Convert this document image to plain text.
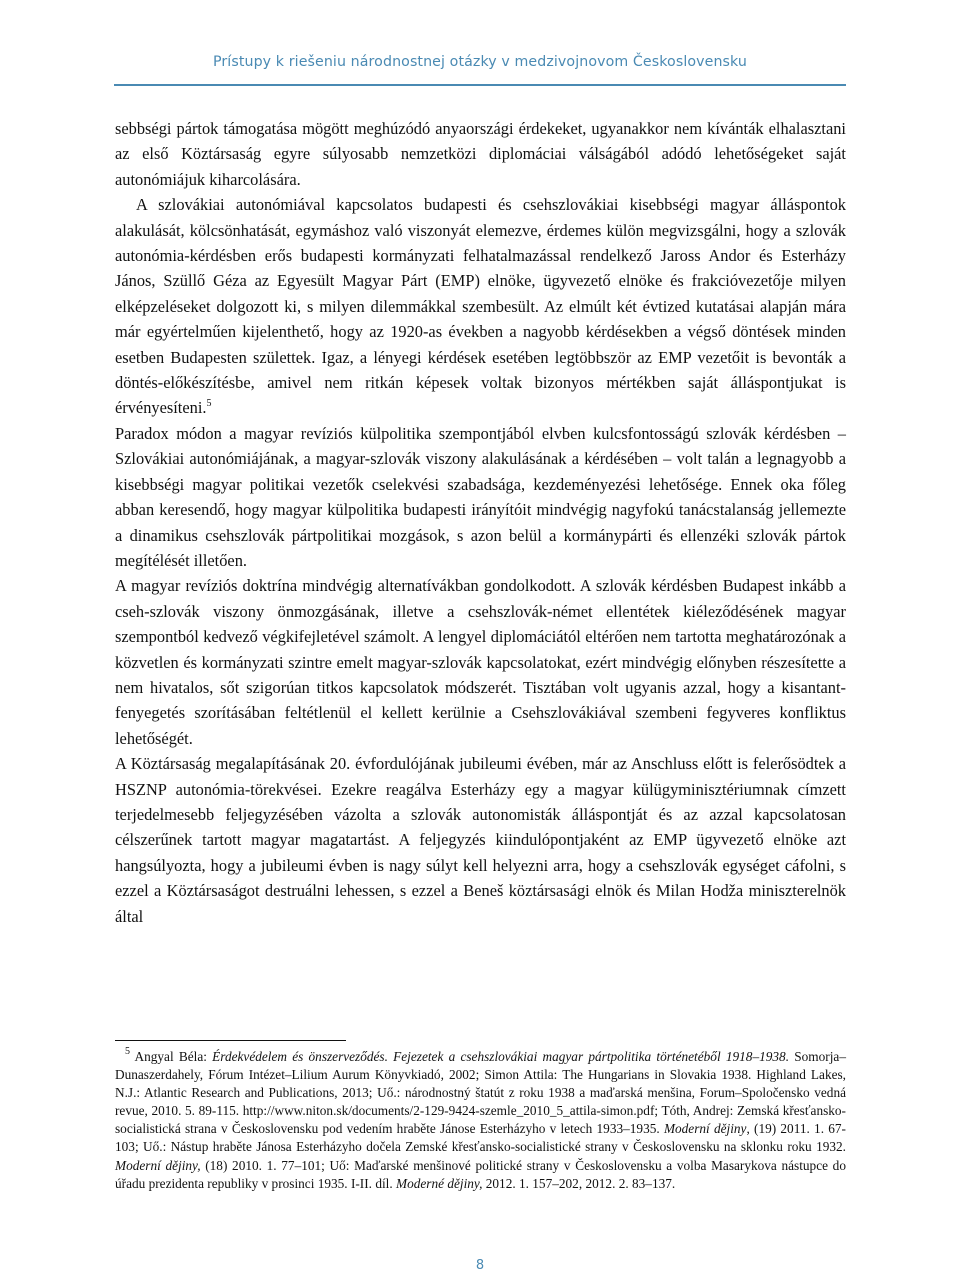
Prístupy k riešeniu národnostnej otázky v medzivojnovom Československu

sebbségi pártok támogatása mögött meghúzódó anyaországi érdekeket, ugyanakkor nem kívánták elhalasztani az első Köztársaság egyre súlyosabb nemzetközi diplomáciai válságából adódó lehetőségeket saját autonómiájuk kiharcolására.

A szlovákiai autonómiával kapcsolatos budapesti és csehszlovákiai kisebbségi magyar álláspontok alakulását, kölcsönhatását, egymáshoz való viszonyát elemezve, érdemes külön megvizsgálni, hogy a szlovák autonómia-kérdésben erős budapesti kormányzati felhatalmazással rendelkező Jaross Andor és Esterházy János, Szüllő Géza az Egyesült Magyar Párt (EMP) elnöke, ügyvezető elnöke és frakcióvezetője milyen elképzeléseket dolgozott ki, s milyen dilemmákkal szembesült. Az elmúlt két évtized kutatásai alapján mára már egyértelműen kijelenthető, hogy az 1920-as években a nagyobb kérdésekben a végső döntések minden esetben Budapesten születtek. Igaz, a lényegi kérdések esetében legtöbbször az EMP vezetőit is bevonták a döntés-előkészítésbe, amivel nem ritkán képesek voltak bizonyos mértékben saját álláspontjukat is érvényesíteni.$^5$

Paradox módon a magyar revíziós külpolitika szempontjából elvben kulcsfontosságú szlovák kérdésben – Szlovákiai autonómiájának, a magyar-szlovák viszony alakulásának a kérdésében – volt talán a legnagyobb a kisebbségi magyar politikai vezetők cselekvési szabadsága, kezdeményezési lehetősége. Ennek oka főleg abban keresendő, hogy magyar külpolitika budapesti irányítóit mindvégig nagyfokú tanácstalanság jellemezte a dinamikus csehszlovák pártpolitikai mozgások, s azon belül a kormánypárti és ellenzéki szlovák pártok megítélését illetően.

A magyar revíziós doktrína mindvégig alternatívákban gondolkodott. A szlovák kérdésben Budapest inkább a cseh-szlovák viszony önmozgásának, illetve a csehszlovák-német ellentétek kiéleződésének magyar szempontból kedvező végkifejletével számolt. A lengyel diplomáciától eltérően nem tartotta meghatározónak a közvetlen és kormányzati szintre emelt magyar-szlovák kapcsolatokat, ezért mindvégig előnyben részesítette a nem hivatalos, sőt szigorúan titkos kapcsolatok módszerét. Tisztában volt ugyanis azzal, hogy a kisantant-fenyegetés szorításában feltétlenül el kellett kerülnie a Csehszlovákiával szembeni fegyveres konfliktus lehetőségét.

A Köztársaság megalapításának 20. évfordulójának jubileumi évében, már az Anschluss előtt is felerősödtek a HSZNP autonómia-törekvései. Ezekre reagálva Esterházy egy a magyar külügyminisztériumnak címzett terjedelmesebb feljegyzésében vázolta a szlovák autonomisták álláspontját és az azzal kapcsolatosan célszerűnek tartott magyar magatartást. A feljegyzés kiindulópontjaként az EMP ügyvezető elnöke azt hangsúlyozta, hogy a jubileumi évben is nagy súlyt kell helyezni arra, hogy a csehszlovák egységet cáfolni, s ezzel a Köztársaságot destruálni lehessen, s ezzel a Beneš köztársasági elnök és Milan Hodža miniszterelnök által

$^5$ Angyal Béla: Érdekvédelem és önszerveződés. Fejezetek a csehszlovákiai magyar pártpolitika történetéből 1918–1938. Somorja–Dunaszerdahely, Fórum Intézet–Lilium Aurum Könyvkiadó, 2002; Simon Attila: The Hungarians in Slovakia 1938. Highland Lakes, N.J.: Atlantic Research and Publications, 2013; Uő.: národnostný štatút z roku 1938 a maďarská menšina, Forum–Spoločensko vedná revue, 2010. 5. 89-115. http://www.niton.sk/documents/2-129-9424-szemle_2010_5_attila-simon.pdf; Tóth, Andrej: Zemská křesťansko-socialistická strana v Československu pod vedením hraběte Jánose Esterházyho v letech 1933–1935. Moderní dějiny, (19) 2011. 1. 67-103; Uő.: Nástup hraběte Jánosa Esterházyho dočela Zemské křesťansko-socialistické strany v Československu na sklonku roku 1932. Moderní dějiny, (18) 2010. 1. 77–101; Uő: Maďarské menšinové politické strany v Československu a volba Masarykova nástupce do úřadu prezidenta republiky v prosinci 1935. I-II. díl. Moderné dějiny, 2012. 1. 157–202, 2012. 2. 83–137.
8
